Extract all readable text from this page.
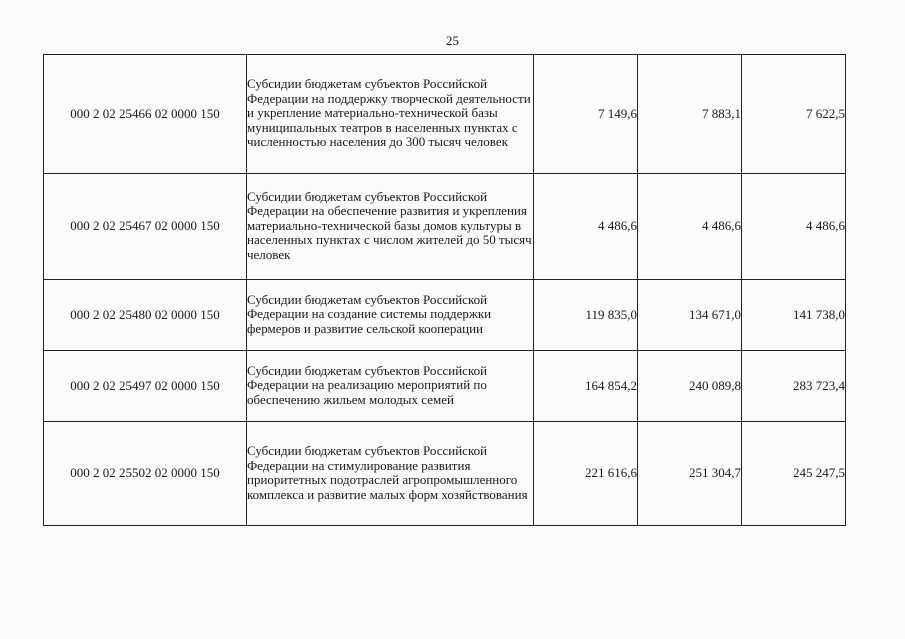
25
000 2 02 25466 02 0000 150	Субсидии бюджетам субъектов Российской Федерации на поддержку творческой деятельности и укрепление материально-технической базы муниципальных театров в населенных пунктах с численностью населения до 300 тысяч человек	7 149,6	7 883,1	7 622,5
000 2 02 25467 02 0000 150	Субсидии бюджетам субъектов Российской Федерации на обеспечение развития и укрепления материально-технической базы домов культуры в населенных пунктах с числом жителей до 50 тысяч человек	4 486,6	4 486,6	4 486,6
000 2 02 25480 02 0000 150	Субсидии бюджетам субъектов Российской Федерации на создание системы поддержки фермеров и развитие сельской кооперации	119 835,0	134 671,0	141 738,0
000 2 02 25497 02 0000 150	Субсидии бюджетам субъектов Российской Федерации на реализацию мероприятий по обеспечению жильем молодых семей	164 854,2	240 089,8	283 723,4
000 2 02 25502 02 0000 150	Субсидии бюджетам субъектов Российской Федерации на стимулирование развития приоритетных подотраслей агропромышленного комплекса и развитие малых форм хозяйствования	221 616,6	251 304,7	245 247,5
